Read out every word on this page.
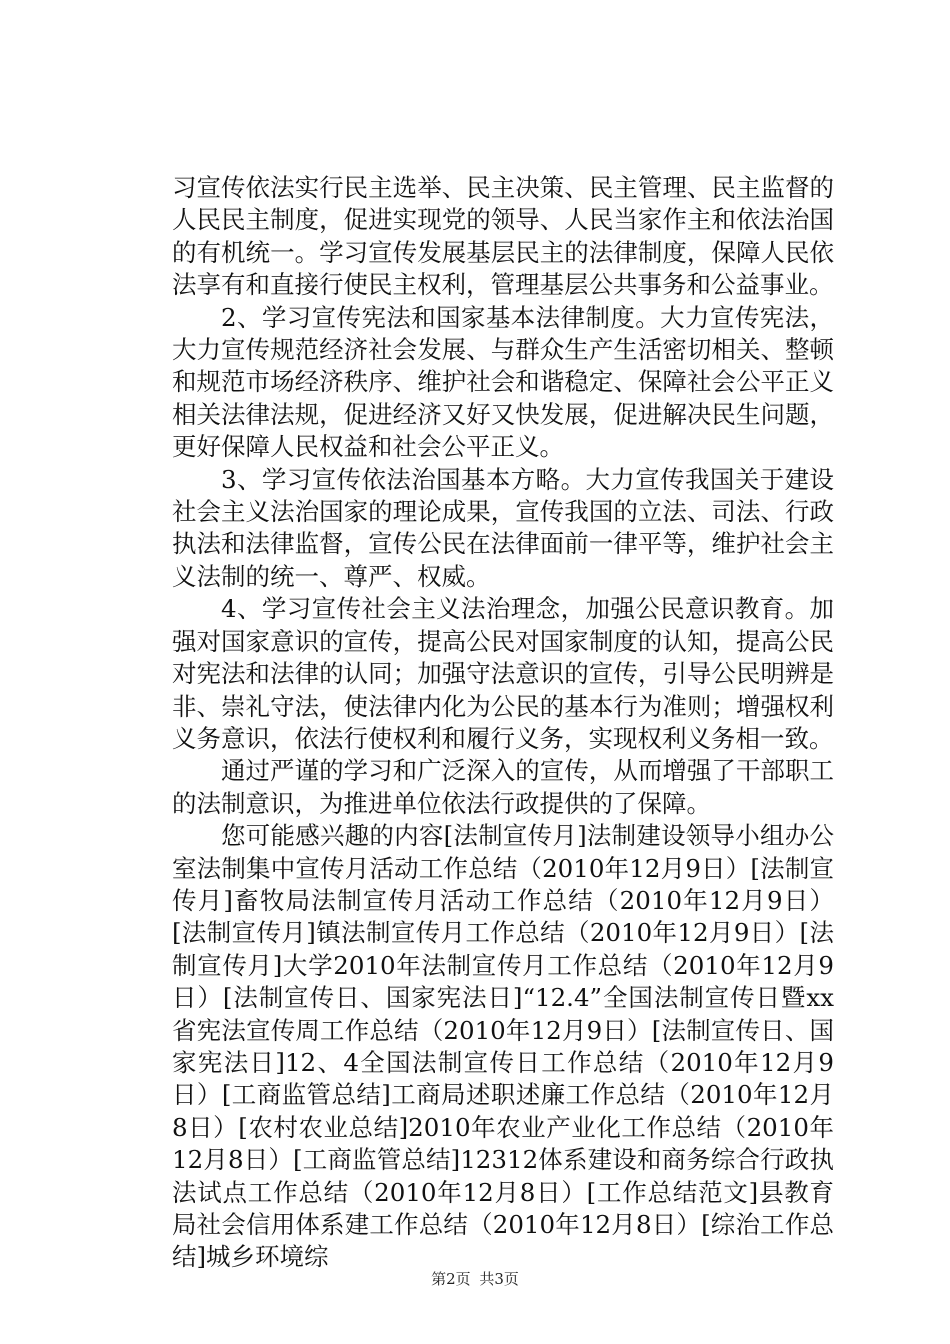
习宣传依法实行民主选举、民主决策、民主管理、民主监督的人民民主制度，促进实现党的领导、人民当家作主和依法治国的有机统一。学习宣传发展基层民主的法律制度，保障人民依法享有和直接行使民主权利，管理基层公共事务和公益事业。

2、学习宣传宪法和国家基本法律制度。大力宣传宪法，大力宣传规范经济社会发展、与群众生产生活密切相关、整顿和规范市场经济秩序、维护社会和谐稳定、保障社会公平正义相关法律法规，促进经济又好又快发展，促进解决民生问题，更好保障人民权益和社会公平正义。

3、学习宣传依法治国基本方略。大力宣传我国关于建设社会主义法治国家的理论成果，宣传我国的立法、司法、行政执法和法律监督，宣传公民在法律面前一律平等，维护社会主义法制的统一、尊严、权威。

4、学习宣传社会主义法治理念，加强公民意识教育。加强对国家意识的宣传，提高公民对国家制度的认知，提高公民对宪法和法律的认同；加强守法意识的宣传，引导公民明辨是非、崇礼守法，使法律内化为公民的基本行为准则；增强权利义务意识，依法行使权利和履行义务，实现权利义务相一致。

通过严谨的学习和广泛深入的宣传，从而增强了干部职工的法制意识，为推进单位依法行政提供的了保障。

您可能感兴趣的内容[法制宣传月]法制建设领导小组办公室法制集中宣传月活动工作总结（2010年12月9日）[法制宣传月]畜牧局法制宣传月活动工作总结（2010年12月9日）[法制宣传月]镇法制宣传月工作总结（2010年12月9日）[法制宣传月]大学2010年法制宣传月工作总结（2010年12月9日）[法制宣传日、国家宪法日]“12.4”全国法制宣传日暨xx省宪法宣传周工作总结（2010年12月9日）[法制宣传日、国家宪法日]12、4全国法制宣传日工作总结（2010年12月9日）[工商监管总结]工商局述职述廉工作总结（2010年12月8日）[农村农业总结]2010年农业产业化工作总结（2010年12月8日）[工商监管总结]12312体系建设和商务综合行政执法试点工作总结（2010年12月8日）[工作总结范文]县教育局社会信用体系建工作总结（2010年12月8日）[综治工作总结]城乡环境综

第2页 共3页
